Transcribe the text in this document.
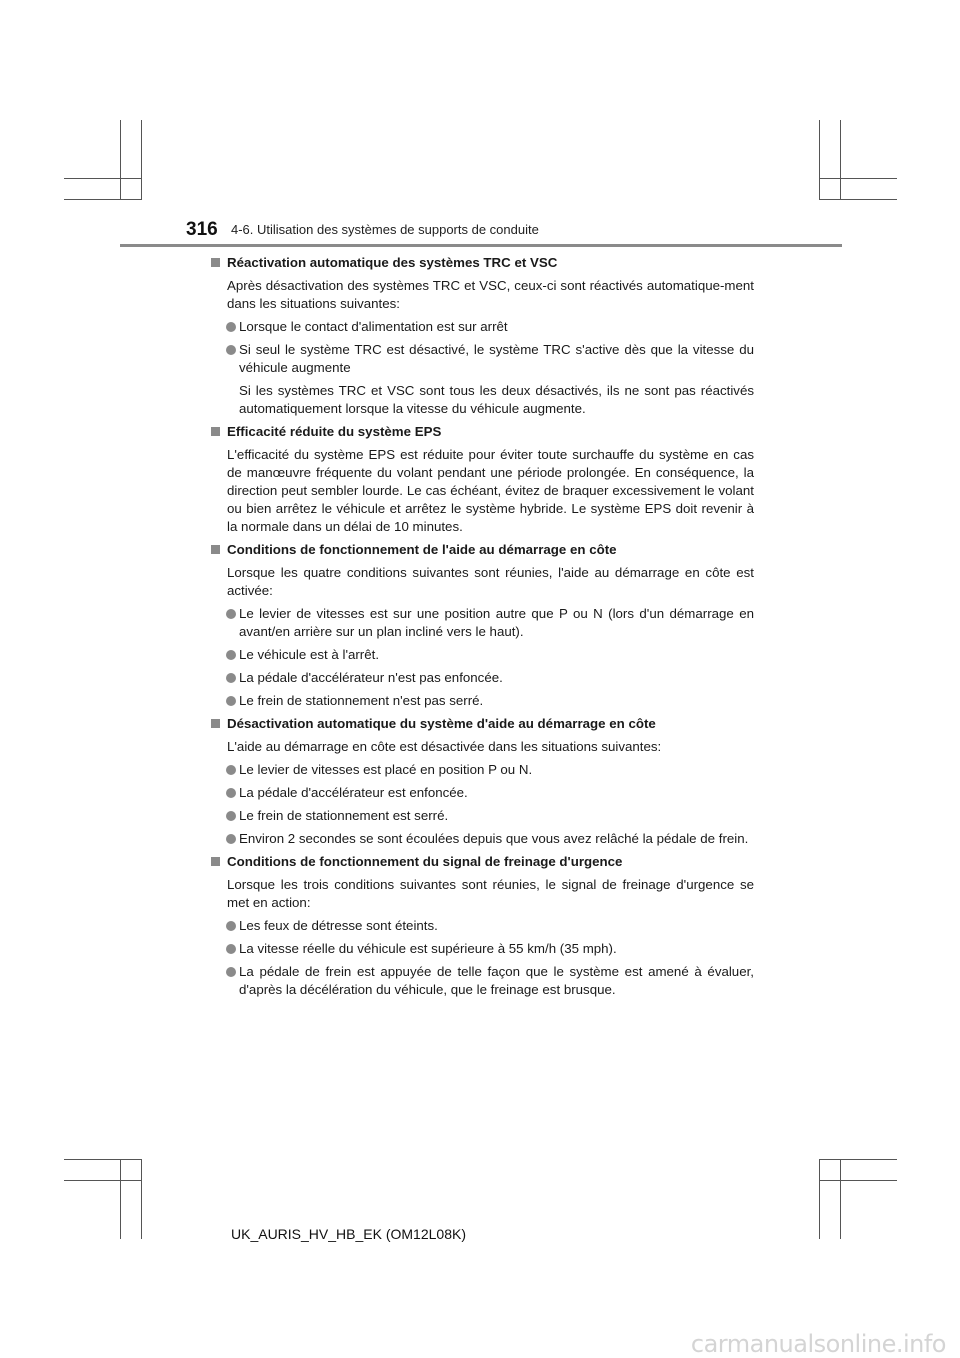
316 4-6. Utilisation des systèmes de supports de conduite
Réactivation automatique des systèmes TRC et VSC
Après désactivation des systèmes TRC et VSC, ceux-ci sont réactivés automatique-ment dans les situations suivantes:
Lorsque le contact d'alimentation est sur arrêt
Si seul le système TRC est désactivé, le système TRC s'active dès que la vitesse du véhicule augmente
Si les systèmes TRC et VSC sont tous les deux désactivés, ils ne sont pas réactivés automatiquement lorsque la vitesse du véhicule augmente.
Efficacité réduite du système EPS
L'efficacité du système EPS est réduite pour éviter toute surchauffe du système en cas de manœuvre fréquente du volant pendant une période prolongée. En conséquence, la direction peut sembler lourde. Le cas échéant, évitez de braquer excessivement le volant ou bien arrêtez le véhicule et arrêtez le système hybride. Le système EPS doit revenir à la normale dans un délai de 10 minutes.
Conditions de fonctionnement de l'aide au démarrage en côte
Lorsque les quatre conditions suivantes sont réunies, l'aide au démarrage en côte est activée:
Le levier de vitesses est sur une position autre que P ou N (lors d'un démarrage en avant/en arrière sur un plan incliné vers le haut).
Le véhicule est à l'arrêt.
La pédale d'accélérateur n'est pas enfoncée.
Le frein de stationnement n'est pas serré.
Désactivation automatique du système d'aide au démarrage en côte
L'aide au démarrage en côte est désactivée dans les situations suivantes:
Le levier de vitesses est placé en position P ou N.
La pédale d'accélérateur est enfoncée.
Le frein de stationnement est serré.
Environ 2 secondes se sont écoulées depuis que vous avez relâché la pédale de frein.
Conditions de fonctionnement du signal de freinage d'urgence
Lorsque les trois conditions suivantes sont réunies, le signal de freinage d'urgence se met en action:
Les feux de détresse sont éteints.
La vitesse réelle du véhicule est supérieure à 55 km/h (35 mph).
La pédale de frein est appuyée de telle façon que le système est amené à évaluer, d'après la décélération du véhicule, que le freinage est brusque.
UK_AURIS_HV_HB_EK (OM12L08K)
carmanualsonline.info
